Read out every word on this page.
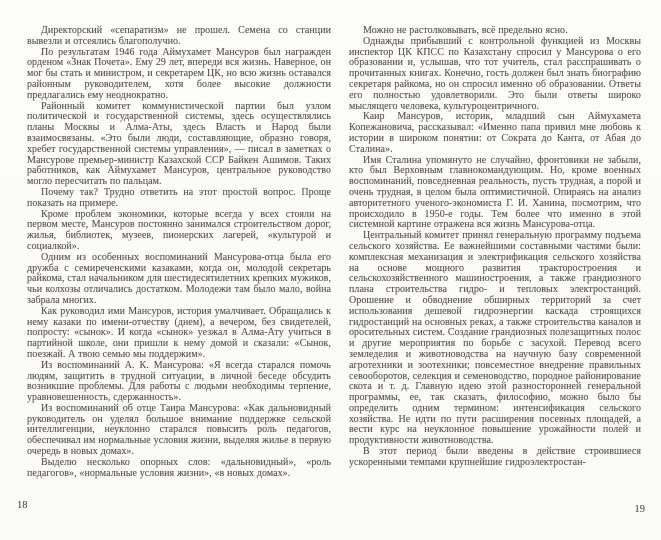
Директорский «сепаратизм» не прошел. Семена со станции вывезли и отсеялись благополучно.

По результатам 1946 года Аймухамет Мансуров был награжден орденом «Знак Почета». Ему 29 лет, впереди вся жизнь. Наверное, он мог бы стать и министром, и секретарем ЦК, но всю жизнь оставался районным руководителем, хотя более высокие должности предлагались ему неоднократно.

Районный комитет коммунистической партии был узлом политической и государственной системы, здесь осуществлялись планы Москвы и Алма-Аты, здесь Власть и Народ были взаимосвязаны. «Это были люди, составляющие, образно говоря, хребет государственной системы управления», — писал в заметках о Мансурове премьер-министр Казахской ССР Байкен Ашимов. Таких работников, как Аймухамет Мансуров, центральное руководство могло пересчитать по пальцам.

Почему так? Трудно ответить на этот простой вопрос. Проще показать на примере.

Кроме проблем экономики, которые всегда у всех стояли на первом месте, Мансуров постоянно занимался строительством дорог, жилья, библиотек, музеев, пионерских лагерей, «культурой и социалкой».

Одним из особенных воспоминаний Мансурова-отца была его дружба с семиреченскими казаками, когда он, молодой секретарь райкома, стал начальником для шестидесятилетних крепких мужиков, чьи колхозы отличались достатком. Молодежи там было мало, война забрала многих.

Как руководил ими Мансуров, история умалчивает. Обращались к нему казаки по имени-отчеству (днем), а вечером, без свидетелей, попросту: «сынок». И когда «сынок» уезжал в Алма-Ату учиться в партийной школе, они пришли к нему домой и сказали: «Сынок, поезжай. А твою семью мы поддержим».

Из воспоминаний А. К. Мансурова: «Я всегда старался помочь людям, защитить в трудной ситуации, в личной беседе обсудить возникшие проблемы. Для работы с людьми необходимы терпение, уравновешенность, сдержанность».

Из воспоминаний об отце Таира Мансурова: «Как дальновидный руководитель он уделял большое внимание поддержке сельской интеллигенции, неуклонно старался повысить роль педагогов, обеспечивал им нормальные условия жизни, выделяя жилье в первую очередь в новых домах».

Выделю несколько опорных слов: «дальновидный», «роль педагогов», «нормальные условия жизни», «в новых домах».

Можно не растолковывать, всё предельно ясно.

Однажды прибывший с контрольной функцией из Москвы инспектор ЦК КПСС по Казахстану спросил у Мансурова о его образовании и, услышав, что тот учитель, стал расспрашивать о прочитанных книгах. Конечно, гость должен был знать биографию секретаря райкома, но он спросил именно об образовании. Ответы его полностью удовлетворили. Это были ответы широко мыслящего человека, культуроцентричного.

Каир Мансуров, историк, младший сын Аймухамета Копежановича, рассказывал: «Именно папа привил мне любовь к истории в широком понятии: от Сократа до Канта, от Абая до Сталина».

Имя Сталина упомянуто не случайно, фронтовики не забыли, кто был Верховным главнокомандующим. Но, кроме военных воспоминаний, повседневная реальность, пусть трудная, а порой и очень трудная, в целом была оптимистичной. Опираясь на анализ авторитетного ученого-экономиста Г. И. Ханина, посмотрим, что происходило в 1950-е годы. Тем более что именно в этой системной картине отражена вся жизнь Мансурова-отца.

Центральный комитет принял генеральную программу подъема сельского хозяйства. Ее важнейшими составными частями были: комплексная механизация и электрификация сельского хозяйства на основе мощного развития тракторостроения и сельскохозяйственного машиностроения, а также грандиозного плана строительства гидро- и тепловых электростанций. Орошение и обводнение обширных территорий за счет использования дешевой гидроэнергии каскада строящихся гидростанций на основных реках, а также строительства каналов и оросительных систем. Создание грандиозных полезащитных полос и другие мероприятия по борьбе с засухой. Перевод всего земледелия и животноводства на научную базу современной агротехники и зоотехники; повсеместное внедрение правильных севооборотов, селекция и семеноводство, породное районирование скота и т. д. Главную идею этой разносторонней генеральной программы, ее, так сказать, философию, можно было бы определить одним термином: интенсификация сельского хозяйства. Не идти по пути расширения посевных площадей, а вести курс на неуклонное повышение урожайности полей и продуктивности животноводства.

В этот период были введены в действие строившиеся ускоренными темпами крупнейшие гидроэлектростан-

18	19
